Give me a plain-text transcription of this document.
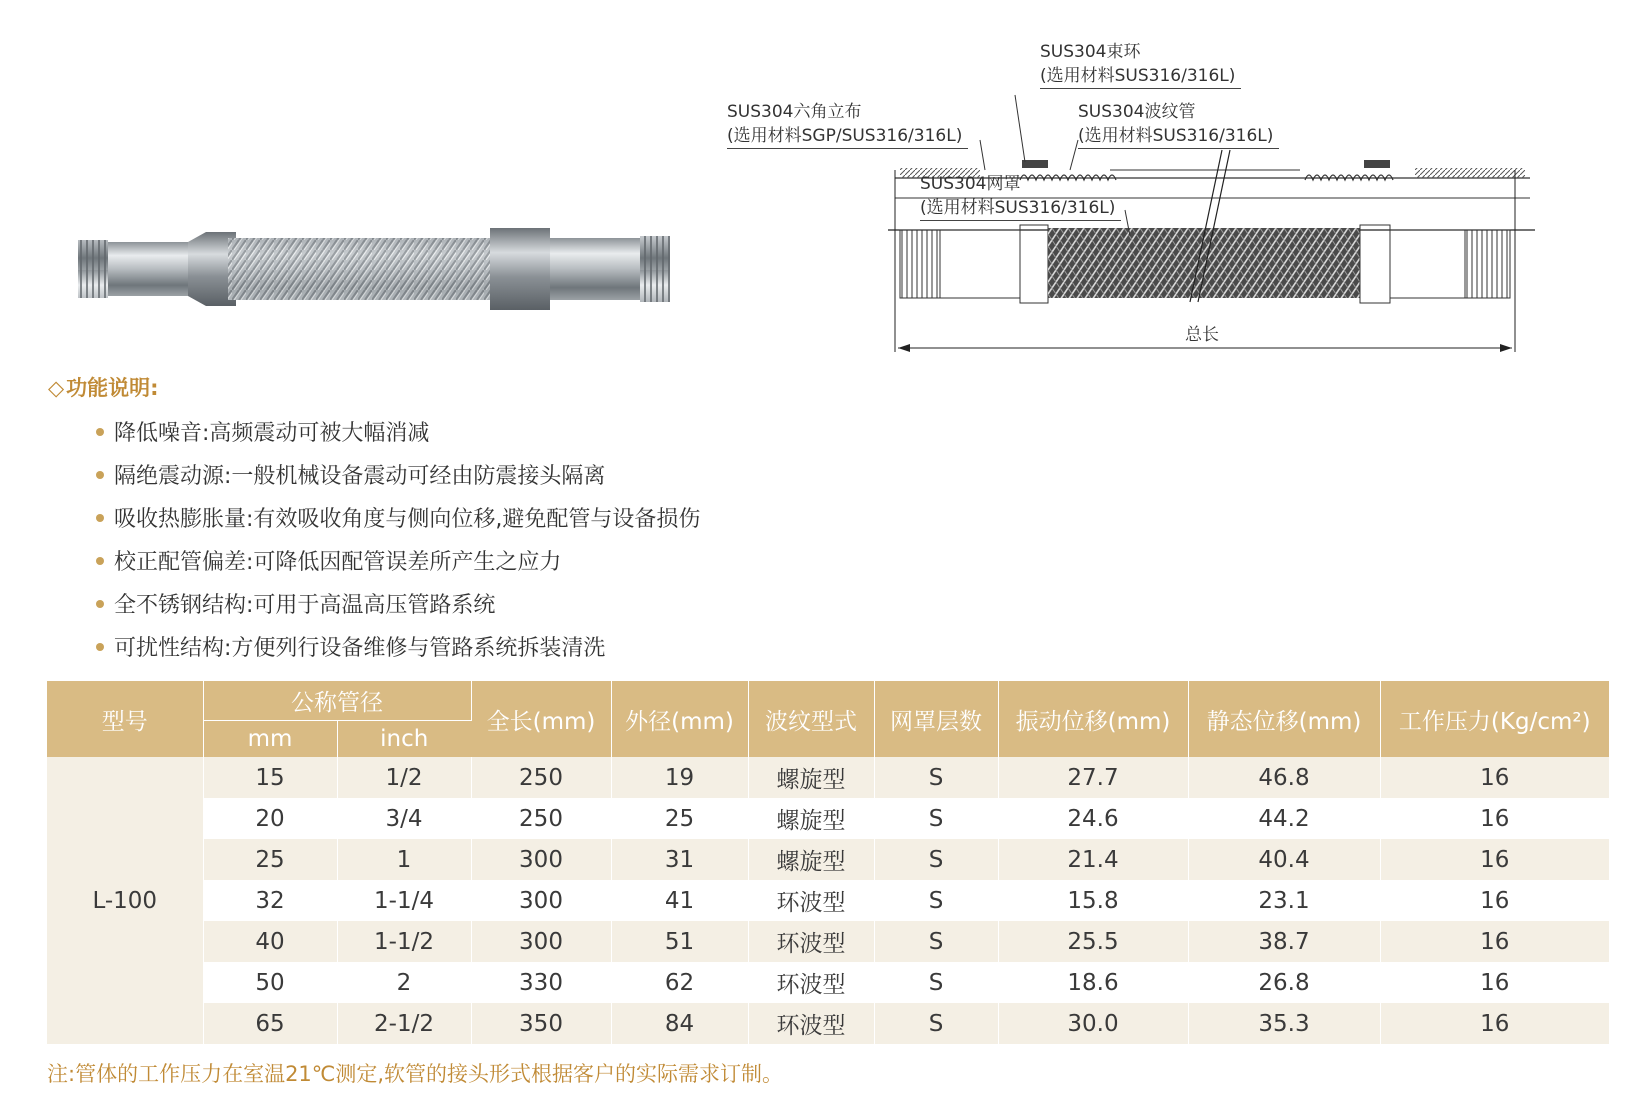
SUS304束环
(选用材料SUS316/316L)
SUS304六角立布
(选用材料SGP/SUS316/316L)
SUS304波纹管
(选用材料SUS316/316L)
SUS304网罩
(选用材料SUS316/316L)
总长
◇功能说明:
降低噪音:高频震动可被大幅消减
隔绝震动源:一般机械设备震动可经由防震接头隔离
吸收热膨胀量:有效吸收角度与侧向位移,避免配管与设备损伤
校正配管偏差:可降低因配管误差所产生之应力
全不锈钢结构:可用于高温高压管路系统
可扰性结构:方便列行设备维修与管路系统拆装清洗
型号	公称管径		全长(mm)	外径(mm)	波纹型式	网罩层数	振动位移(mm)	静态位移(mm)	工作压力(Kg/cm²)
	mm	inch							
L-100	15	1/2	250	19	螺旋型	S	27.7	46.8	16
	20	3/4	250	25	螺旋型	S	24.6	44.2	16
	25	1	300	31	螺旋型	S	21.4	40.4	16
	32	1-1/4	300	41	环波型	S	15.8	23.1	16
	40	1-1/2	300	51	环波型	S	25.5	38.7	16
	50	2	330	62	环波型	S	18.6	26.8	16
	65	2-1/2	350	84	环波型	S	30.0	35.3	16
注:管体的工作压力在室温21℃测定,软管的接头形式根据客户的实际需求订制。
